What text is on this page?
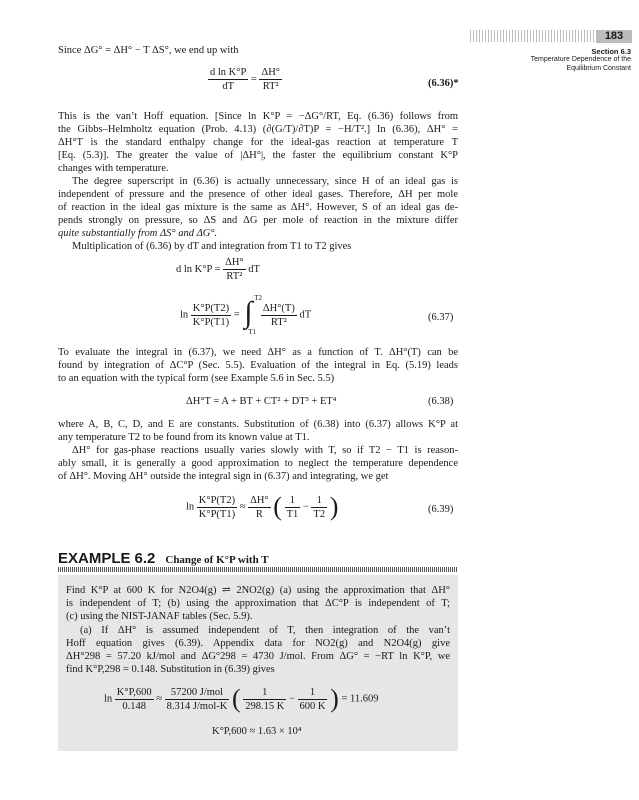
183
Section 6.3
Temperature Dependence of the Equilibrium Constant
Since ΔG° = ΔH° − T ΔS°, we end up with
$\frac{\text{d ln K°P}}{dT} = \frac{\Delta H^\circ}{\text{RT²}}$	(6.36)*
This is the van’t Hoff equation. [Since ln K°P = −ΔG°/RT, Eq. (6.36) follows from
the Gibbs–Helmholtz equation (Prob. 4.13) (∂(G/T)/∂T)P = −H/T².] In (6.36), ΔH° =
ΔH°T is the standard enthalpy change for the ideal-gas reaction at temperature T
[Eq. (5.3)]. The greater the value of |ΔH°|, the faster the equilibrium constant K°P
changes with temperature.
The degree superscript in (6.36) is actually unnecessary, since H of an ideal gas is
independent of pressure and the presence of other ideal gases. Therefore, ΔH per mole
of reaction in the ideal gas mixture is the same as ΔH°. However, S of an ideal gas de-
pends strongly on pressure, so ΔS and ΔG per mole of reaction in the mixture differ
quite substantially from ΔS° and ΔG°.
Multiplication of (6.36) by dT and integration from T1 to T2 gives
d $\ln K^\circ P = \frac{\Delta H^\circ}{\text{RT²}}$ dT
$\ln \frac{K^\circ P(T2)}{K^\circ P(T1)}$ = ∫ T2
T1

$\frac{\Delta H^\circ(T)}{\text{RT²}}$ dT	(6.37)
To evaluate the integral in (6.37), we need ΔH° as a function of T. ΔH°(T) can be
found by integration of ΔC°P (Sec. 5.5). Evaluation of the integral in Eq. (5.19) leads
to an equation with the typical form (see Example 5.6 in Sec. 5.5)
ΔH°T = A + BT + CT² + DT³ + ET⁴	(6.38)
where A, B, C, D, and E are constants. Substitution of (6.38) into (6.37) allows K°P at
any temperature T2 to be found from its known value at T1.
ΔH° for gas-phase reactions usually varies slowly with T, so if T2 − T1 is reason-
ably small, it is generally a good approximation to neglect the temperature dependence
of ΔH°. Moving ΔH° outside the integral sign in (6.37) and integrating, we get
$\ln \frac{K^\circ P(T2)}{K^\circ P(T1)} \approx \frac{\Delta H^\circ}{R}$ ( $\frac{1}{T1} - \frac{1}{T2}$ )	(6.39)
EXAMPLE 6.2 Change of K°P with T
Find K°P at 600 K for N2O4(g) ⇌ 2NO2(g) (a) using the approximation that ΔH°
is independent of T; (b) using the approximation that ΔC°P is independent of T;
(c) using the NIST-JANAF tables (Sec. 5.9).
(a) If ΔH° is assumed independent of T, then integration of the van’t
Hoff equation gives (6.39). Appendix data for NO2(g) and N2O4(g) give
ΔH°298 = 57.20 kJ/mol and ΔG°298 = 4730 J/mol. From ΔG° = −RT ln K°P, we
find K°P,298 = 0.148. Substitution in (6.39) gives
$\ln \frac{K^\circ P,600}{0.148} \approx \frac{\text{57200 J/mol}}{\text{8.314 J/mol-K}}$ ( $\frac{1}{298.15 K} - \frac{1}{600 K}$ ) = 11.609
K°P,600 ≈ 1.63 × 10⁴
